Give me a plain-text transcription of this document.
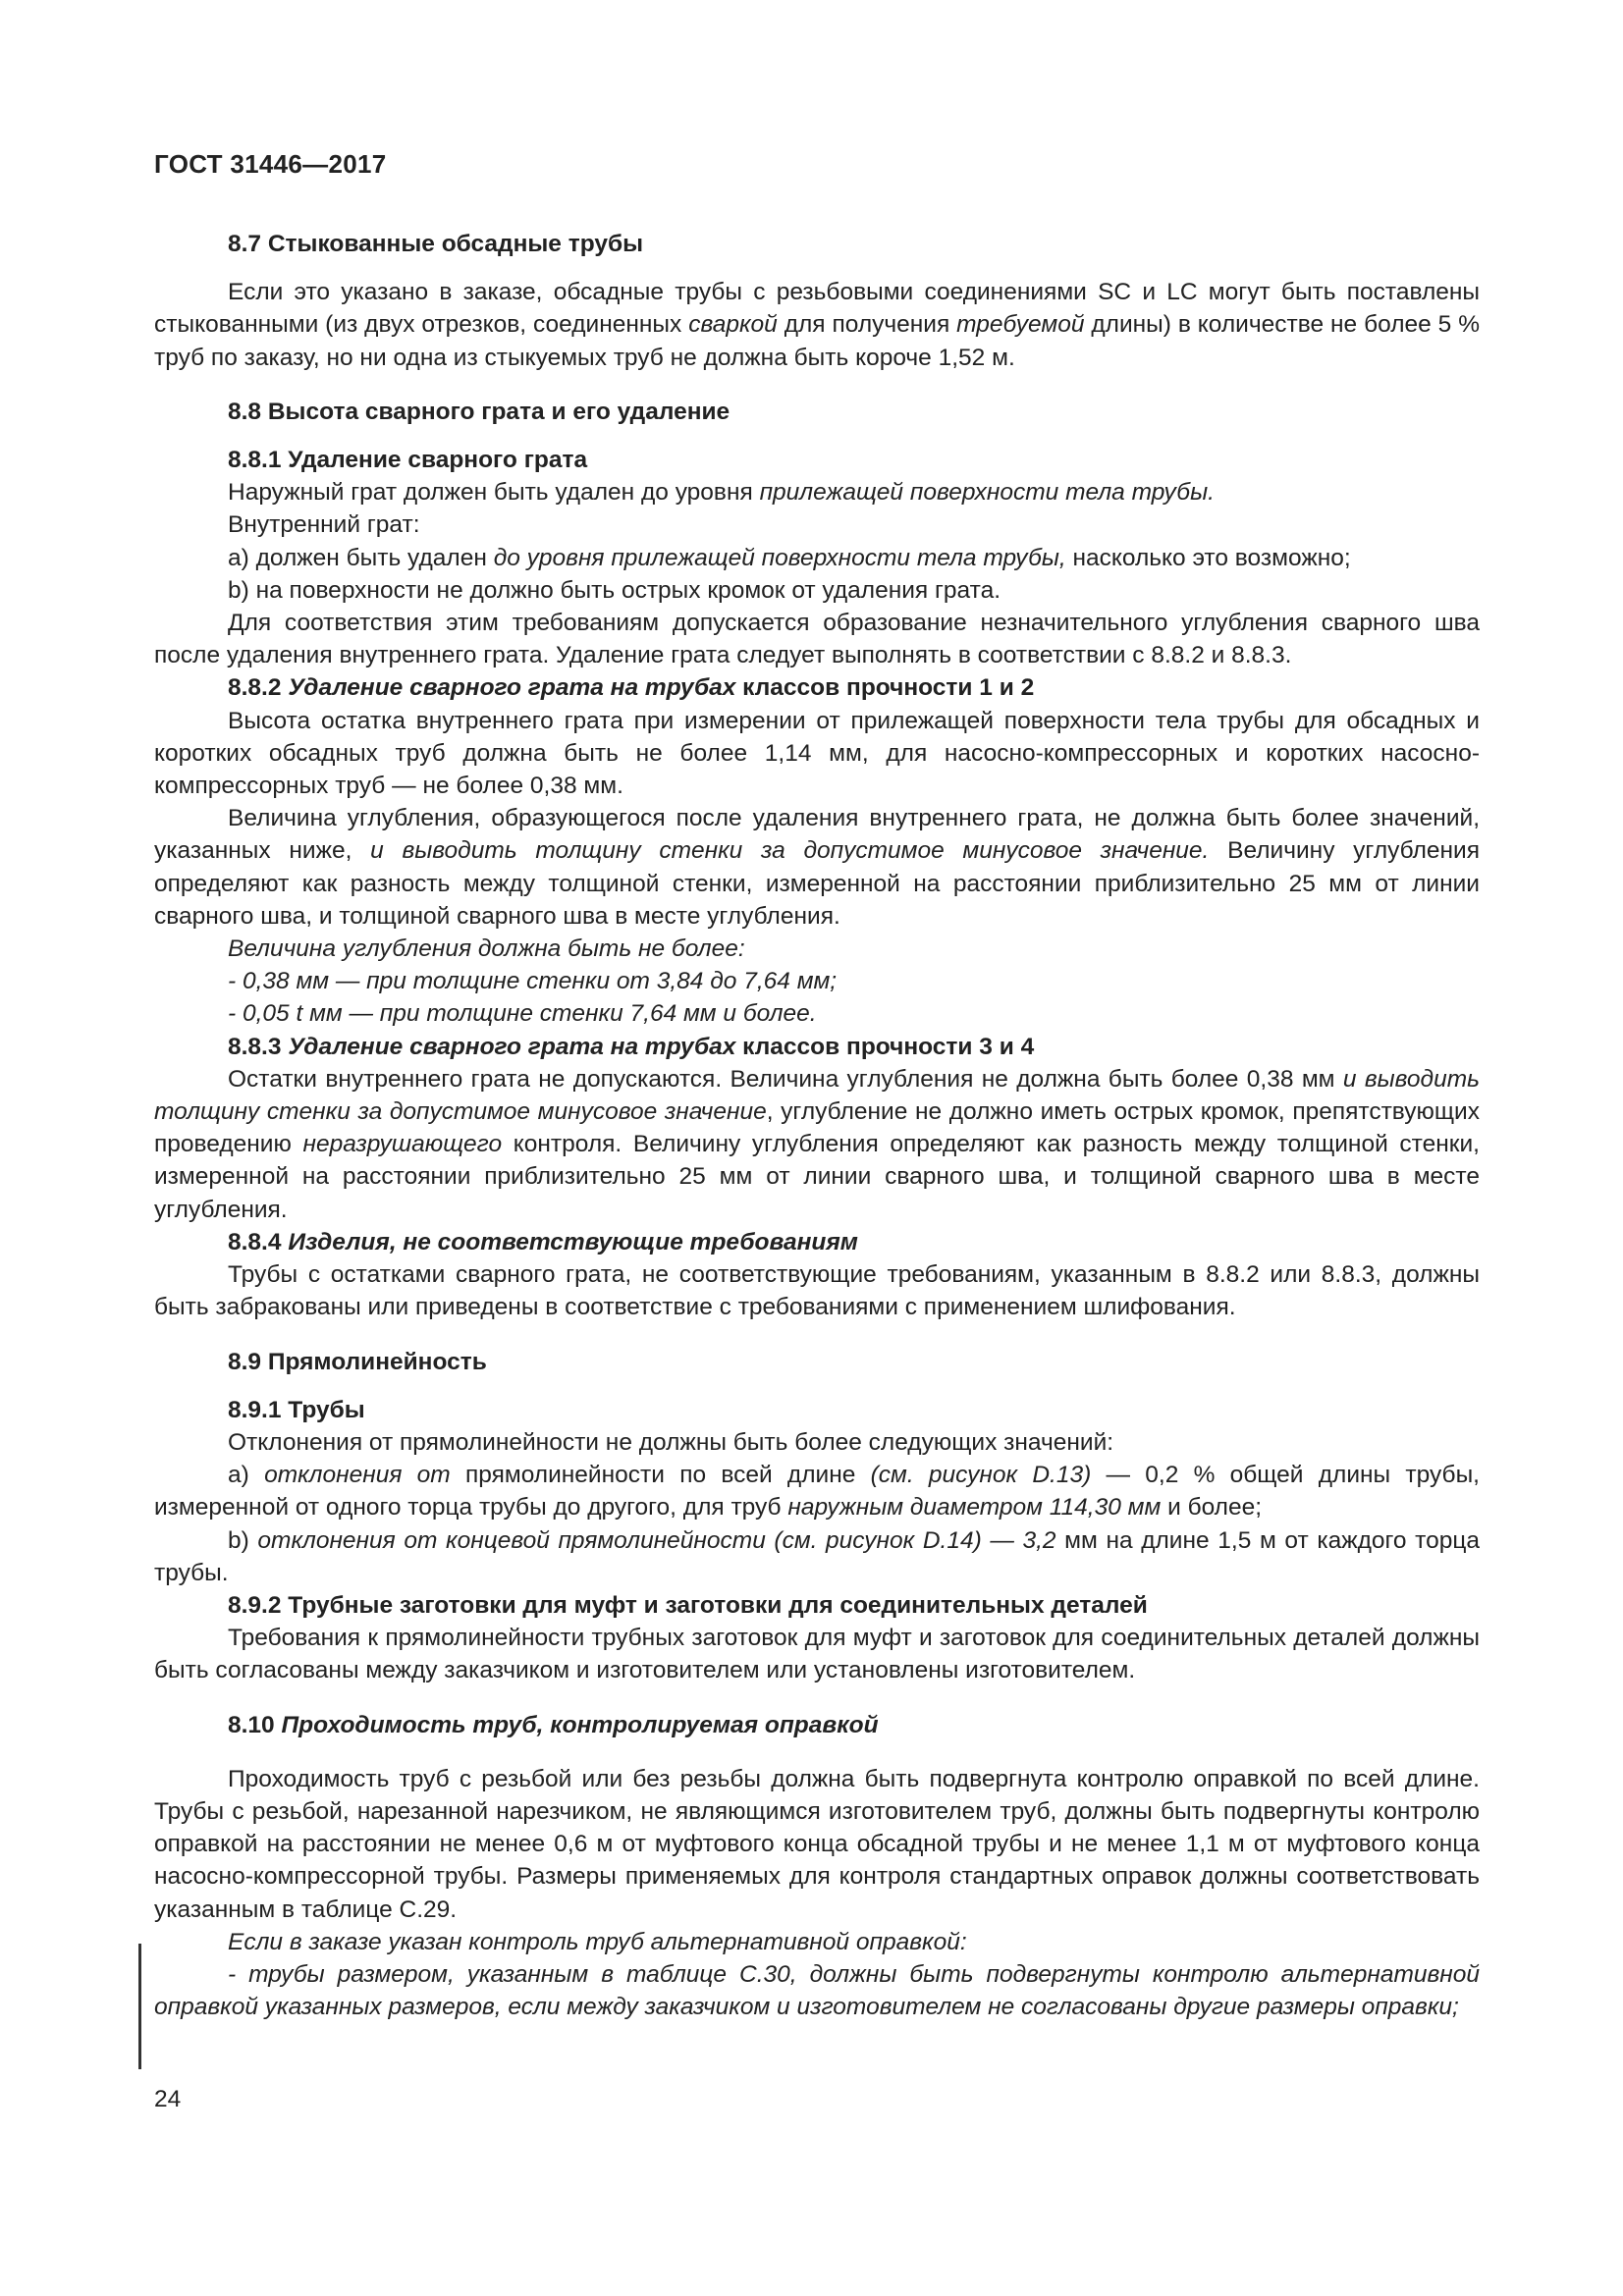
ГОСТ 31446—2017

8.7 Стыкованные обсадные трубы

Если это указано в заказе, обсадные трубы с резьбовыми соединениями SC и LC могут быть поставлены стыкованными (из двух отрезков, соединенных сваркой для получения требуемой длины) в количестве не более 5 % труб по заказу, но ни одна из стыкуемых труб не должна быть короче 1,52 м.

8.8 Высота сварного грата и его удаление

8.8.1 Удаление сварного грата

Наружный грат должен быть удален до уровня прилежащей поверхности тела трубы.

Внутренний грат:

a) должен быть удален до уровня прилежащей поверхности тела трубы, насколько это возможно;

b) на поверхности не должно быть острых кромок от удаления грата.

Для соответствия этим требованиям допускается образование незначительного углубления сварного шва после удаления внутреннего грата. Удаление грата следует выполнять в соответствии с 8.8.2 и 8.8.3.

8.8.2 Удаление сварного грата на трубах классов прочности 1 и 2

Высота остатка внутреннего грата при измерении от прилежащей поверхности тела трубы для обсадных и коротких обсадных труб должна быть не более 1,14 мм, для насосно-компрессорных и коротких насосно-компрессорных труб — не более 0,38 мм.

Величина углубления, образующегося после удаления внутреннего грата, не должна быть более значений, указанных ниже, и выводить толщину стенки за допустимое минусовое значение. Величину углубления определяют как разность между толщиной стенки, измеренной на расстоянии приблизительно 25 мм от линии сварного шва, и толщиной сварного шва в месте углубления.

Величина углубления должна быть не более:

- 0,38 мм — при толщине стенки от 3,84 до 7,64 мм;

- 0,05 t мм — при толщине стенки 7,64 мм и более.

8.8.3 Удаление сварного грата на трубах классов прочности 3 и 4

Остатки внутреннего грата не допускаются. Величина углубления не должна быть более 0,38 мм и выводить толщину стенки за допустимое минусовое значение, углубление не должно иметь острых кромок, препятствующих проведению неразрушающего контроля. Величину углубления определяют как разность между толщиной стенки, измеренной на расстоянии приблизительно 25 мм от линии сварного шва, и толщиной сварного шва в месте углубления.

8.8.4 Изделия, не соответствующие требованиям

Трубы с остатками сварного грата, не соответствующие требованиям, указанным в 8.8.2 или 8.8.3, должны быть забракованы или приведены в соответствие с требованиями с применением шлифования.

8.9 Прямолинейность

8.9.1 Трубы

Отклонения от прямолинейности не должны быть более следующих значений:

a) отклонения от прямолинейности по всей длине (см. рисунок D.13) — 0,2 % общей длины трубы, измеренной от одного торца трубы до другого, для труб наружным диаметром 114,30 мм и более;

b) отклонения от концевой прямолинейности (см. рисунок D.14) — 3,2 мм на длине 1,5 м от каждого торца трубы.

8.9.2 Трубные заготовки для муфт и заготовки для соединительных деталей

Требования к прямолинейности трубных заготовок для муфт и заготовок для соединительных деталей должны быть согласованы между заказчиком и изготовителем или установлены изготовителем.

8.10 Проходимость труб, контролируемая оправкой

Проходимость труб с резьбой или без резьбы должна быть подвергнута контролю оправкой по всей длине. Трубы с резьбой, нарезанной нарезчиком, не являющимся изготовителем труб, должны быть подвергнуты контролю оправкой на расстоянии не менее 0,6 м от муфтового конца обсадной трубы и не менее 1,1 м от муфтового конца насосно-компрессорной трубы. Размеры применяемых для контроля стандартных оправок должны соответствовать указанным в таблице С.29.

Если в заказе указан контроль труб альтернативной оправкой:

- трубы размером, указанным в таблице С.30, должны быть подвергнуты контролю альтернативной оправкой указанных размеров, если между заказчиком и изготовителем не согласованы другие размеры оправки;

24
